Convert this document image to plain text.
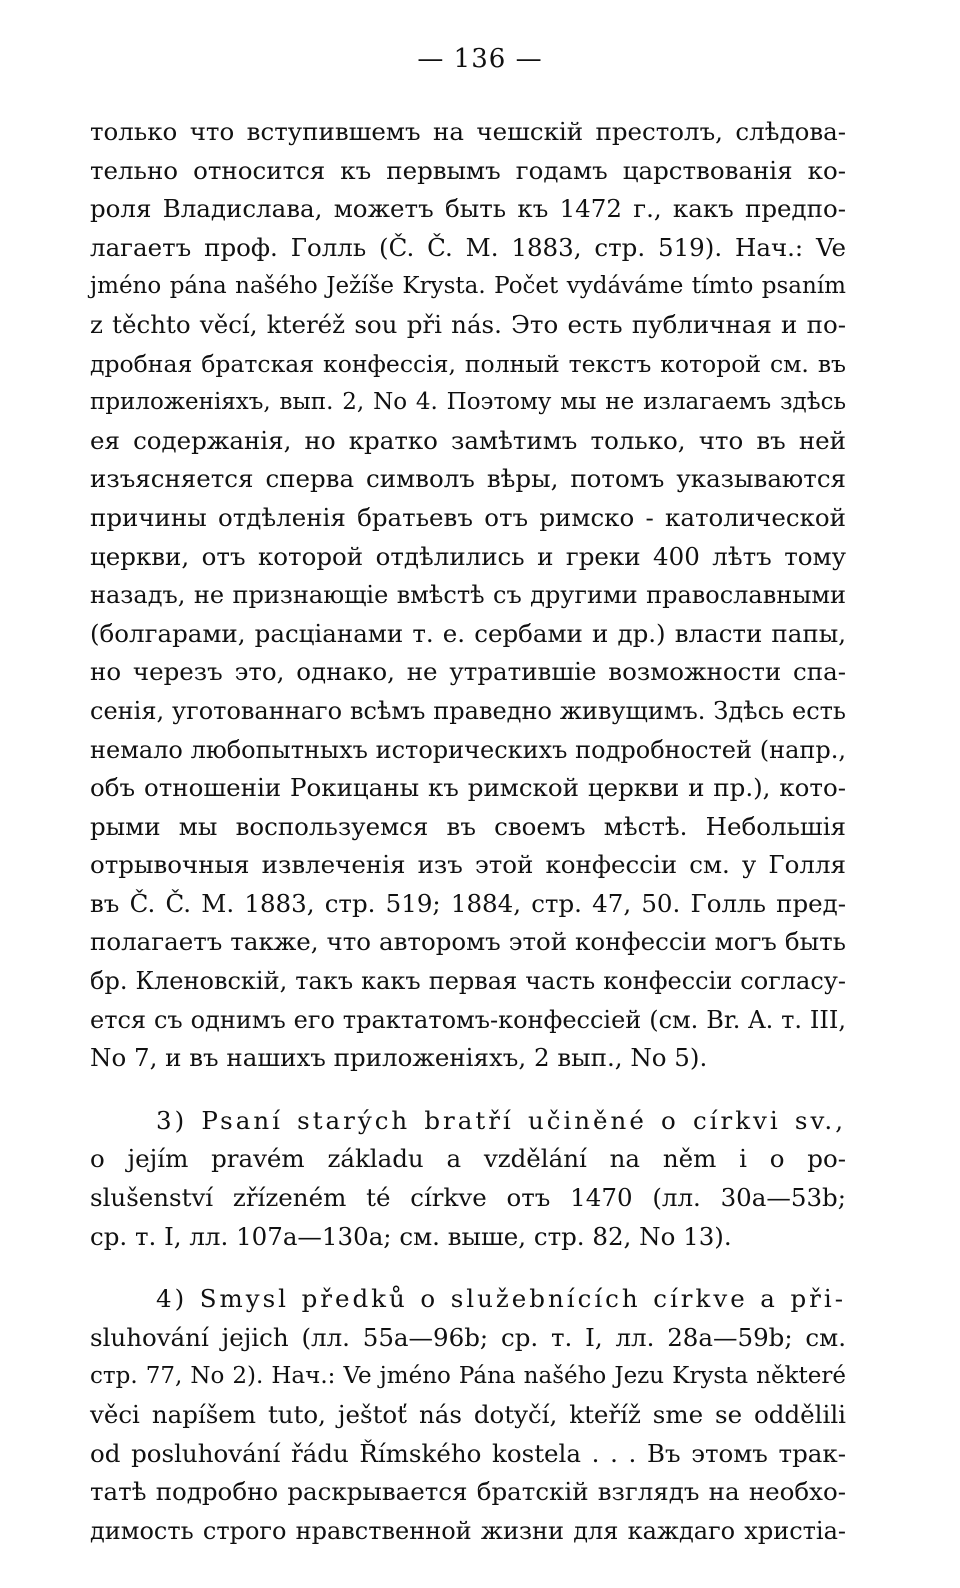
— 136 —
только что вступившемъ на чешскій престолъ, слѣдова-
тельно относится къ первымъ годамъ царствованія ко-
роля Владислава, можетъ быть къ 1472 г., какъ предпо-
лагаетъ проф. Голль (Č. Č. M. 1883, стр. 519). Нач.: Ve
jméno pána našého Ježíše Krysta. Počet vydáváme tímto psaním
z těchto věcí, kteréž sou při nás. Это есть публичная и по-
дробная братская конфессія, полный текстъ которой см. въ
приложеніяхъ, вып. 2, No 4. Поэтому мы не излагаемъ здѣсь
ея содержанія, но кратко замѣтимъ только, что въ ней
изъясняется сперва символъ вѣры, потомъ указываются
причины отдѣленія братьевъ отъ римско - католической
церкви, отъ которой отдѣлились и греки 400 лѣтъ тому
назадъ, не признающіе вмѣстѣ съ другими православными
(болгарами, расціанами т. е. сербами и др.) власти папы,
но черезъ это, однако, не утратившіе возможности спа-
сенія, уготованнаго всѣмъ праведно живущимъ. Здѣсь есть
немало любопытныхъ историческихъ подробностей (напр.,
объ отношеніи Рокицаны къ римской церкви и пр.), кото-
рыми мы воспользуемся въ своемъ мѣстѣ. Небольшія
отрывочныя извлеченія изъ этой конфессіи см. у Голля
въ Č. Č. M. 1883, стр. 519; 1884, стр. 47, 50. Голль пред-
полагаетъ также, что авторомъ этой конфессіи могъ быть
бр. Кленовскій, такъ какъ первая часть конфессіи согласу-
ется съ однимъ его трактатомъ-конфессіей (см. Br. A. т. III,
No 7, и въ нашихъ приложеніяхъ, 2 вып., No 5).
3) Psaní starých bratří učiněné o církvi sv.,
o jejím pravém základu a vzdělání na něm i o po-
slušenství zřízeném té církve отъ 1470 (лл. 30a—53b;
ср. т. I, лл. 107a—130a; см. выше, стр. 82, No 13).
4) Smysl předků o služebnících církve a při-
sluhování jejich (лл. 55a—96b; ср. т. I, лл. 28a—59b; см.
стр. 77, No 2). Нач.: Ve jméno Pána našého Jezu Krysta některé
věci napíšem tuto, ještoť nás dotyčí, kteříž sme se oddělili
od posluhování řádu Římského kostela . . . Въ этомъ трак-
татѣ подробно раскрывается братскій взглядъ на необхо-
димость строго нравственной жизни для каждаго христіа-
